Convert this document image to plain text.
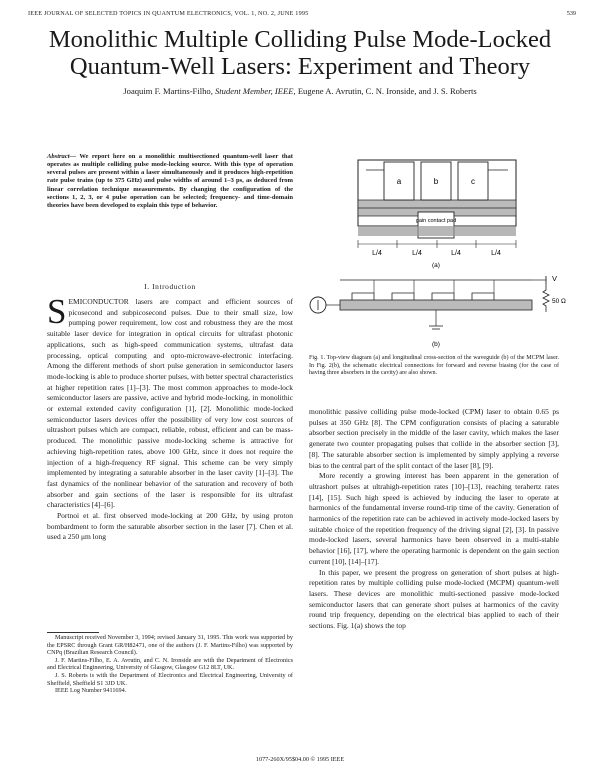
IEEE JOURNAL OF SELECTED TOPICS IN QUANTUM ELECTRONICS, VOL. 1, NO. 2, JUNE 1995	539
Monolithic Multiple Colliding Pulse Mode-Locked
Quantum-Well Lasers: Experiment and Theory
Joaquim F. Martins-Filho, Student Member, IEEE, Eugene A. Avrutin, C. N. Ironside, and J. S. Roberts
Abstract— We report here on a monolithic multisectioned quantum-well laser that operates as multiple colliding pulse mode-locking source. With this type of operation several pulses are present within a laser simultaneously and it produces high-repetition rate pulse trains (up to 375 GHz) and pulse widths of around 1–3 ps, as deduced from linear correlation technique measurements. By changing the configuration of the sections 1, 2, 3, or 4 pulse operation can be selected; frequency- and time-domain theories have been developed to explain this type of behavior.
I. Introduction

SEMICONDUCTOR lasers are compact and efficient sources of picosecond and subpicosecond pulses. Due to their small size, low pumping power requirement, low cost and robustness they are the most suitable laser device for integration in optical circuits for ultrafast photonic applications, such as high-speed communication systems, ultrafast data processing, optical computing and opto-microwave-electronic interfacing. Among the different methods of short pulse generation in semiconductor lasers mode-locking is able to produce shorter pulses, with better spectral characteristics at higher repetition rates [1]–[3]. The most common approaches to mode-lock semiconductor lasers are passive, active and hybrid mode-locking, in monolithic or external extended cavity configuration [1], [2]. Monolithic mode-locked semiconductor lasers devices offer the possibility of very low cost sources of ultrashort pulses which are compact, reliable, robust, efficient and can be mass-produced. The monolithic passive mode-locking scheme is attractive for achieving high-repetition rates, above 100 GHz, since it does not require the injection of a high-frequency RF signal. This scheme can be very simply implemented by integrating a saturable absorber in the laser cavity [1]–[3]. The fast dynamics of the nonlinear behavior of the saturation and recovery of both absorber and gain sections of the laser is responsible for its ultrafast characteristics [4]–[6].

Portnoi et al. first observed mode-locking at 200 GHz, by using proton bombardment to form the saturable absorber section in the laser [7]. Chen et al. used a 250 μm long

Manuscript received November 3, 1994; revised January 31, 1995. This work was supported by the EPSRC through Grant GR/H82471, one of the authors (J. F. Martins-Filho) was supported by CNPq (Brazilian Research Council).

J. F. Martins-Filho, E. A. Avrutin, and C. N. Ironside are with the Department of Electronics and Electrical Engineering, University of Glasgow, Glasgow G12 8LT, UK.

J. S. Roberts is with the Department of Electronics and Electrical Engineering, University of Sheffield, Sheffield S1 3JD UK.

IEEE Log Number 9411694.

a	b	c
gain contact pad
L/4	L/4	L/4	L/4
(a)
V
50 Ω
(b)
Fig. 1. Top-view diagram (a) and longitudinal cross-section of the waveguide (b) of the MCPM laser. In Fig. 2(b), the schematic electrical connections for forward and reverse biasing (for the case of having three absorbers in the cavity) are also shown.

monolithic passive colliding pulse mode-locked (CPM) laser to obtain 0.65 ps pulses at 350 GHz [8]. The CPM configuration consists of placing a saturable absorber section precisely in the middle of the laser cavity, which makes the laser generate two counter propagating pulses that collide in the absorber section [3], [8]. The saturable absorber section is implemented by simply applying a reverse bias to the central part of the split contact of the laser [8], [9].

More recently a growing interest has been apparent in the generation of ultrashort pulses at ultrahigh-repetition rates [10]–[13], reaching terahertz rates [14], [15]. Such high speed is achieved by inducing the laser to operate at harmonics of the fundamental inverse round-trip time of the cavity. Generation of harmonics of the repetition rate can be achieved in actively mode-locked lasers by suitable choice of the repetition frequency of the driving signal [2], [3]. In passive mode-locked lasers, several harmonics have been observed in a multi-stable behavior [16], [17], where the operating harmonic is dependent on the gain section current [10], [14]–[17].

In this paper, we present the progress on generation of short pulses at high-repetition rates by multiple colliding pulse mode-locked (MCPM) quantum-well lasers. These devices are monolithic multi-sectioned passive mode-locked semiconductor lasers that can generate short pulses at harmonics of the cavity round trip frequency, depending on the electrical bias applied to each of their sections. Fig. 1(a) shows the top

1077-260X/95$04.00 © 1995 IEEE
